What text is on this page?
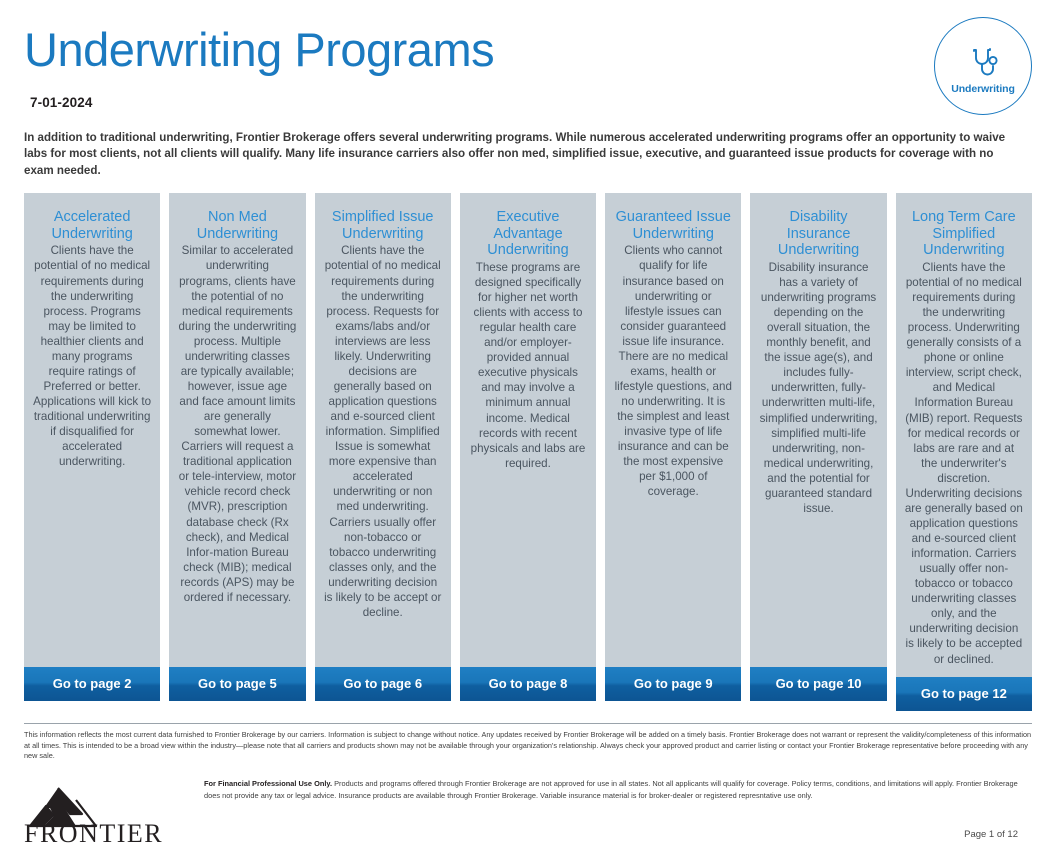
Underwriting Programs
7-01-2024
In addition to traditional underwriting, Frontier Brokerage offers several underwriting programs. While numerous accelerated underwriting programs offer an opportunity to waive labs for most clients, not all clients will qualify. Many life insurance carriers also offer non med, simplified issue, executive, and guaranteed issue products for coverage with no exam needed.
Underwriting
Accelerated Underwriting
Clients have the potential of no medical requirements during the underwriting process. Programs may be limited to healthier clients and many programs require ratings of Preferred or better. Applications will kick to traditional underwriting if disqualified for accelerated underwriting.
Go to page 2
Non Med Underwriting
Similar to accelerated underwriting programs, clients have the potential of no medical requirements during the underwriting process. Multiple underwriting classes are typically available; however, issue age and face amount limits are generally somewhat lower. Carriers will request a traditional application or tele-interview, motor vehicle record check (MVR), prescription database check (Rx check), and Medical Infor-mation Bureau check (MIB); medical records (APS) may be ordered if necessary.
Go to page 5
Simplified Issue Underwriting
Clients have the potential of no medical requirements during the underwriting process. Requests for exams/labs and/or interviews are less likely. Underwriting decisions are generally based on application questions and e-sourced client information. Simplified Issue is somewhat more expensive than accelerated underwriting or non med underwriting. Carriers usually offer non-tobacco or tobacco underwriting classes only, and the underwriting decision is likely to be accept or decline.
Go to page 6
Executive Advantage Underwriting
These programs are designed specifically for higher net worth clients with access to regular health care and/or employer-provided annual executive physicals and may involve a minimum annual income. Medical records with recent physicals and labs are required.
Go to page 8
Guaranteed Issue Underwriting
Clients who cannot qualify for life insurance based on underwriting or lifestyle issues can consider guaranteed issue life insurance. There are no medical exams, health or lifestyle questions, and no underwriting. It is the simplest and least invasive type of life insurance and can be the most expensive per $1,000 of coverage.
Go to page 9
Disability Insurance Underwriting
Disability insurance has a variety of underwriting programs depending on the overall situation, the monthly benefit, and the issue age(s), and includes fully-underwritten, fully-underwritten multi-life, simplified underwriting, simplified multi-life underwriting, non-medical underwriting, and the potential for guaranteed standard issue.
Go to page 10
Long Term Care Simplified Underwriting
Clients have the potential of no medical requirements during the underwriting process. Underwriting generally consists of a phone or online interview, script check, and Medical Information Bureau (MIB) report. Requests for medical records or labs are rare and at the underwriter's discretion. Underwriting decisions are generally based on application questions and e-sourced client information. Carriers usually offer non-tobacco or tobacco underwriting classes only, and the underwriting decision is likely to be accepted or declined.
Go to page 12
This information reflects the most current data furnished to Frontier Brokerage by our carriers. Information is subject to change without notice. Any updates received by Frontier Brokerage will be added on a timely basis. Frontier Brokerage does not warrant or represent the validity/completeness of this information at all times. This is intended to be a broad view within the industry—please note that all carriers and products shown may not be available through your organization's relationship. Always check your approved product and carrier listing or contact your Frontier Brokerage representative before proceeding with any new sale.
FRONTIER
For Financial Professional Use Only. Products and programs offered through Frontier Brokerage are not approved for use in all states. Not all applicants will qualify for coverage. Policy terms, conditions, and limitations will apply. Frontier Brokerage does not provide any tax or legal advice. Insurance products are available through Frontier Brokerage. Variable insurance material is for broker-dealer or registered represntative use only.
Page 1 of 12
